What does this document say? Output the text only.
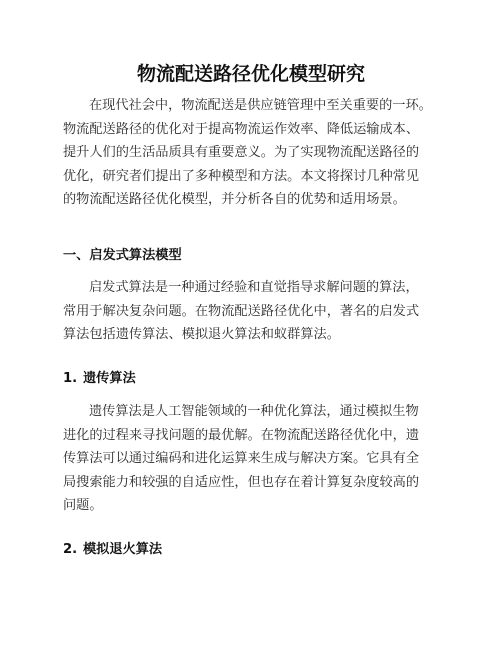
物流配送路径优化模型研究
在现代社会中，物流配送是供应链管理中至关重要的一环。
物流配送路径的优化对于提高物流运作效率、降低运输成本、
提升人们的生活品质具有重要意义。为了实现物流配送路径的
优化，研究者们提出了多种模型和方法。本文将探讨几种常见
的物流配送路径优化模型，并分析各自的优势和适用场景。
一、启发式算法模型
启发式算法是一种通过经验和直觉指导求解问题的算法，
常用于解决复杂问题。在物流配送路径优化中，著名的启发式
算法包括遗传算法、模拟退火算法和蚁群算法。
1. 遗传算法
遗传算法是人工智能领域的一种优化算法，通过模拟生物
进化的过程来寻找问题的最优解。在物流配送路径优化中，遗
传算法可以通过编码和进化运算来生成与解决方案。它具有全
局搜索能力和较强的自适应性，但也存在着计算复杂度较高的
问题。
2. 模拟退火算法
